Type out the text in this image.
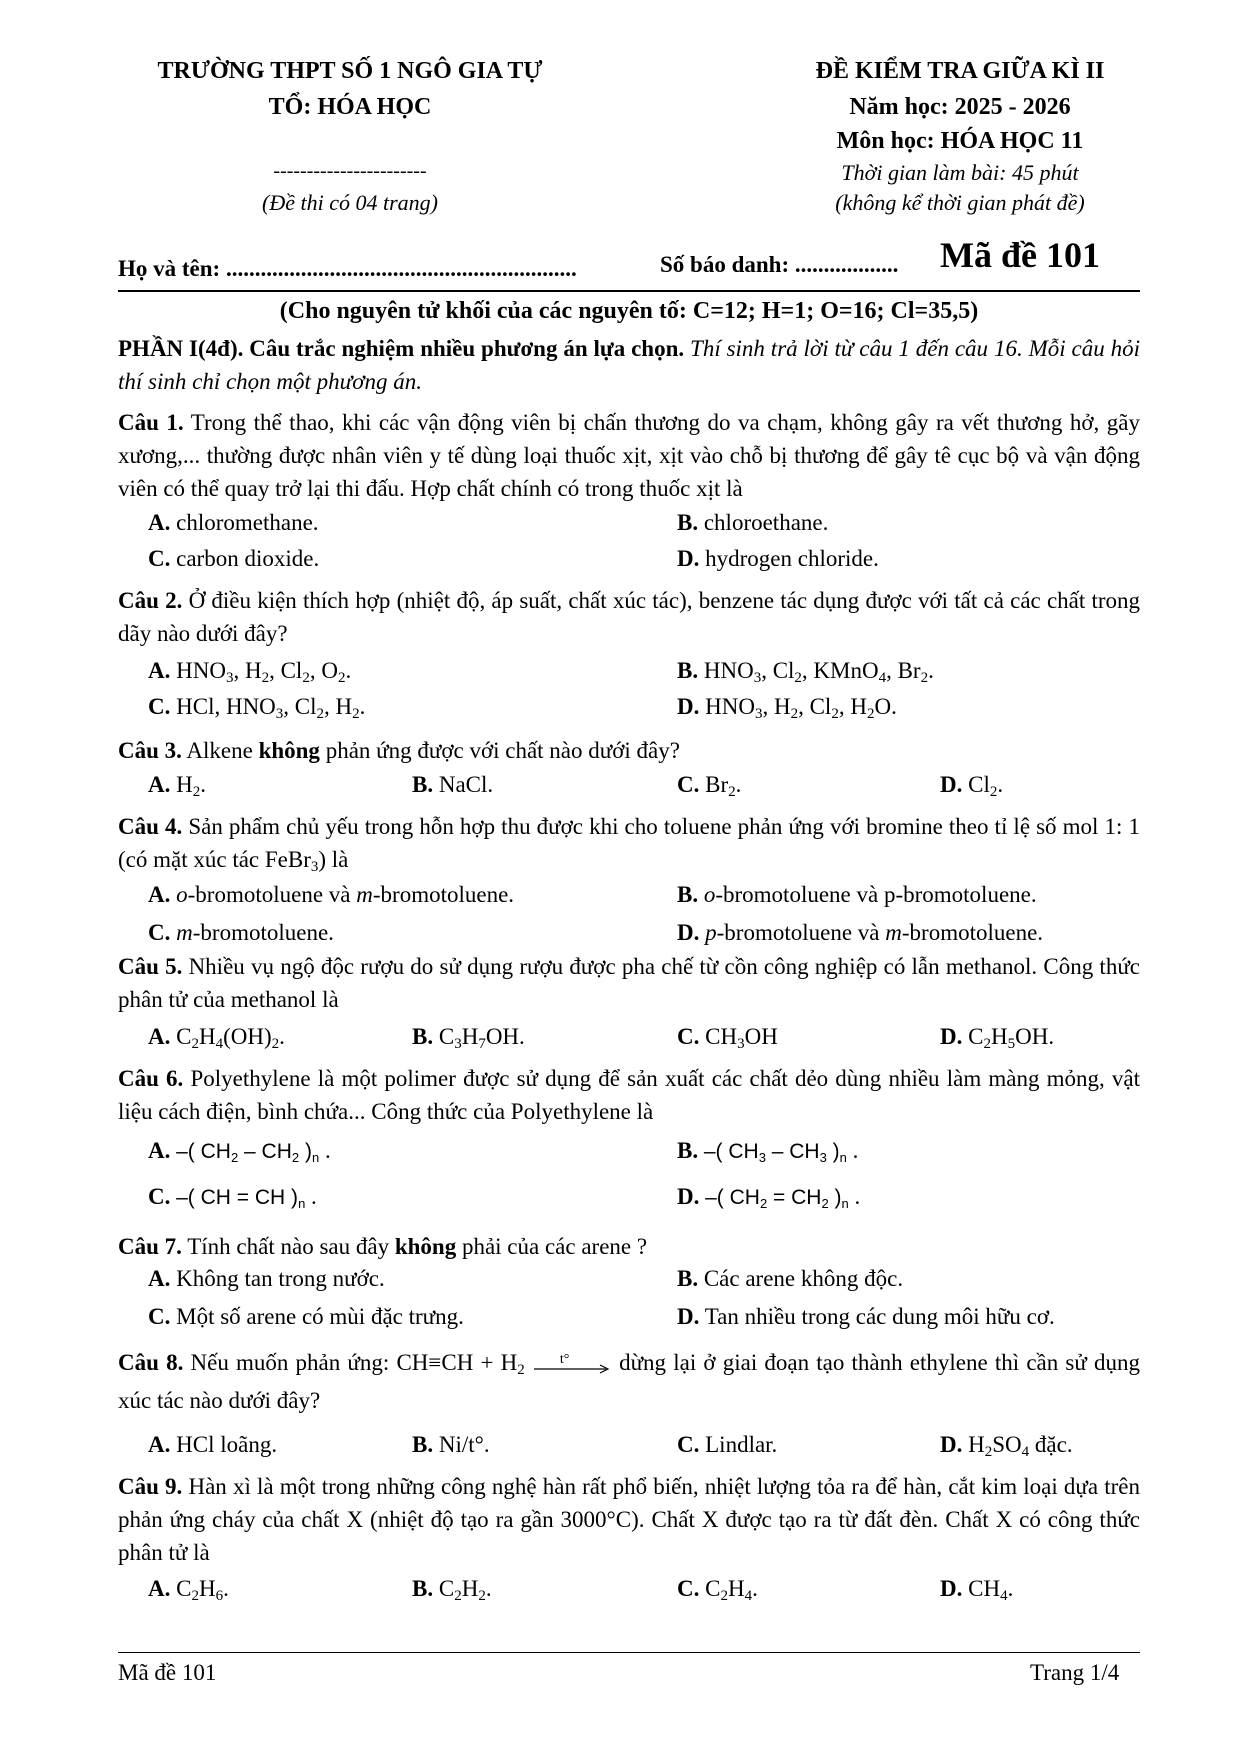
TRƯỜNG THPT SỐ 1 NGÔ GIA TỰ
TỔ: HÓA HỌC
-----------------------
(Đề thi có 04 trang)
ĐỀ KIỂM TRA GIỮA KÌ II
Năm học: 2025 - 2026
Môn học: HÓA HỌC 11
Thời gian làm bài: 45 phút
(không kể thời gian phát đề)
Họ và tên: .............................................................	Số báo danh: .................. Mã đề 101
(Cho nguyên tử khối của các nguyên tố: C=12; H=1; O=16; Cl=35,5)
PHẦN I(4đ). Câu trắc nghiệm nhiều phương án lựa chọn. Thí sinh trả lời từ câu 1 đến câu 16. Mỗi câu hỏi thí sinh chỉ chọn một phương án.
Câu 1. Trong thể thao, khi các vận động viên bị chấn thương do va chạm, không gây ra vết thương hở, gãy xương,... thường được nhân viên y tế dùng loại thuốc xịt, xịt vào chỗ bị thương để gây tê cục bộ và vận động viên có thể quay trở lại thi đấu. Hợp chất chính có trong thuốc xịt là
A. chloromethane.	B. chloroethane.
C. carbon dioxide.	D. hydrogen chloride.
Câu 2. Ở điều kiện thích hợp (nhiệt độ, áp suất, chất xúc tác), benzene tác dụng được với tất cả các chất trong dãy nào dưới đây?
A. $HNO_3$, $H_2$, $Cl_2$, $O_2$.	B. $HNO_3$, $Cl_2$, KMnO$_4$, $Br_2$.
C. HCl, $HNO_3$, $Cl_2$, $H_2$.	D. $HNO_3$, $H_2$, $Cl_2$, $H_2O$.
Câu 3. Alkene không phản ứng được với chất nào dưới đây?
A. $H_2$.	B. NaCl.	C. $Br_2$.	D. $Cl_2$.
Câu 4. Sản phẩm chủ yếu trong hỗn hợp thu được khi cho toluene phản ứng với bromine theo tỉ lệ số mol 1: 1 (có mặt xúc tác FeBr$_3$) là
A. o-bromotoluene và m-bromotoluene.	B. o-bromotoluene và p-bromotoluene.
C. m-bromotoluene.	D. p-bromotoluene và m-bromotoluene.
Câu 5. Nhiều vụ ngộ độc rượu do sử dụng rượu được pha chế từ cồn công nghiệp có lẫn methanol. Công thức phân tử của methanol là
A. $C_2H_4(OH)_2$.	B. $C_3H_7OH$.	C. $CH_3OH$	D. $C_2H_5OH$.
Câu 6. Polyethylene là một polimer được sử dụng để sản xuất các chất dẻo dùng nhiều làm màng mỏng, vật liệu cách điện, bình chứa... Công thức của Polyethylene là
A. –( $CH_2 - CH_2$ )$_n$ .	B. –( $CH_3 - CH_3$ )$_n$ .
C. –( CH = CH )$_n$ .	D. –( $CH_2 = CH_2$ )$_n$ .
Câu 7. Tính chất nào sau đây không phải của các arene ?
A. Không tan trong nước.	B. Các arene không độc.
C. Một số arene có mùi đặc trưng.	D. Tan nhiều trong các dung môi hữu cơ.
Câu 8. Nếu muốn phản ứng: $CH\equiv CH + H_2$
t° dừng lại ở giai đoạn tạo thành ethylene thì cần sử dụng xúc tác nào dưới đây?
A. HCl loãng.	B. Ni/t°.	C. Lindlar.	D. $H_2SO_4$ đặc.
Câu 9. Hàn xì là một trong những công nghệ hàn rất phổ biến, nhiệt lượng tỏa ra để hàn, cắt kim loại dựa trên phản ứng cháy của chất X (nhiệt độ tạo ra gần 3000°C). Chất X được tạo ra từ đất đèn. Chất X có công thức phân tử là
A. $C_2H_6$.	B. $C_2H_2$.	C. $C_2H_4$.	D. $CH_4$.
Mã đề 101	Trang 1/4
